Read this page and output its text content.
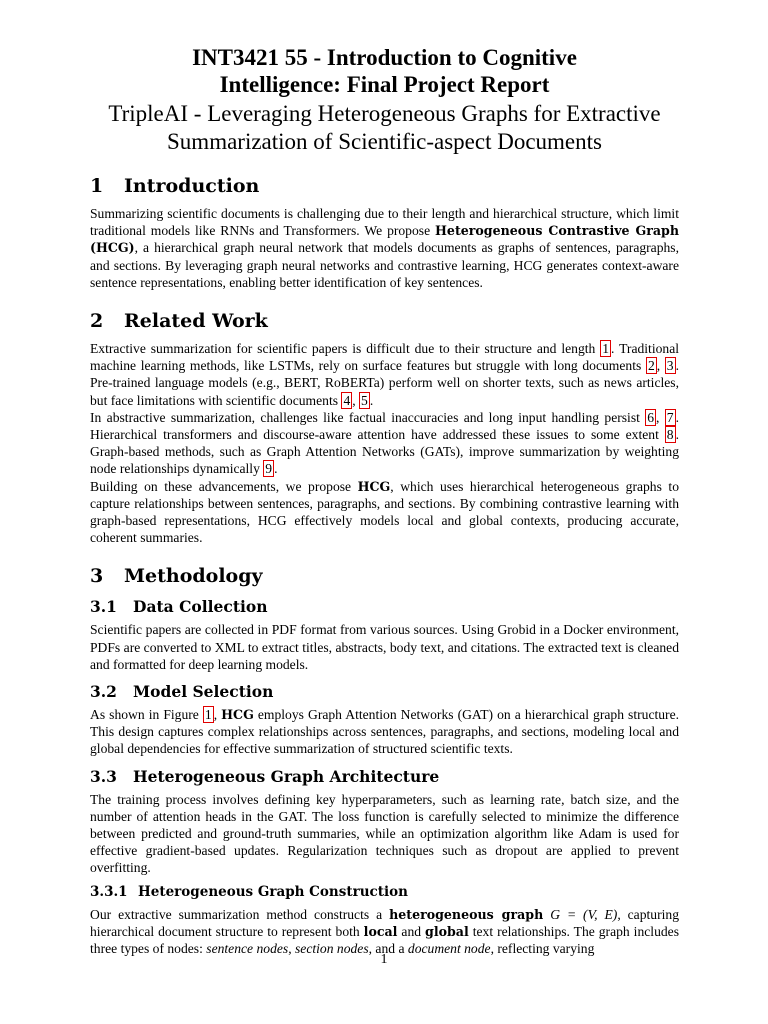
INT3421 55 - Introduction to Cognitive
Intelligence: Final Project Report

TripleAI - Leveraging Heterogeneous Graphs for Extractive
Summarization of Scientific-aspect Documents

1 Introduction

Summarizing scientific documents is challenging due to their length and hierarchical structure, which limit traditional models like RNNs and Transformers. We propose Heterogeneous Contrastive Graph (HCG), a hierarchical graph neural network that models documents as graphs of sentences, paragraphs, and sections. By leveraging graph neural networks and contrastive learning, HCG generates context-aware sentence representations, enabling better identification of key sentences.

2 Related Work

Extractive summarization for scientific papers is difficult due to their structure and length 1 . Traditional machine learning methods, like LSTMs, rely on surface features but struggle with long documents 2 , 3 . Pre-trained language models (e.g., BERT, RoBERTa) perform well on shorter texts, such as news articles, but face limitations with scientific documents 4 , 5 .

In abstractive summarization, challenges like factual inaccuracies and long input handling persist 6 , 7 . Hierarchical transformers and discourse-aware attention have addressed these issues to some extent 8 . Graph-based methods, such as Graph Attention Networks (GATs), improve summarization by weighting node relationships dynamically 9 .

Building on these advancements, we propose HCG, which uses hierarchical heterogeneous graphs to capture relationships between sentences, paragraphs, and sections. By combining contrastive learning with graph-based representations, HCG effectively models local and global contexts, producing accurate, coherent summaries.

3 Methodology
3.1 Data Collection

Scientific papers are collected in PDF format from various sources. Using Grobid in a Docker environment, PDFs are converted to XML to extract titles, abstracts, body text, and citations. The extracted text is cleaned and formatted for deep learning models.

3.2 Model Selection

As shown in Figure 1 , HCG employs Graph Attention Networks (GAT) on a hierarchical graph structure. This design captures complex relationships across sentences, paragraphs, and sections, modeling local and global dependencies for effective summarization of structured scientific texts.

3.3 Heterogeneous Graph Architecture

The training process involves defining key hyperparameters, such as learning rate, batch size, and the number of attention heads in the GAT. The loss function is carefully selected to minimize the difference between predicted and ground-truth summaries, while an optimization algorithm like Adam is used for effective gradient-based updates. Regularization techniques such as dropout are applied to prevent overfitting.

3.3.1 Heterogeneous Graph Construction

Our extractive summarization method constructs a heterogeneous graph G = (V, E), capturing hierarchical document structure to represent both local and global text relationships. The graph includes three types of nodes: sentence nodes, section nodes, and a document node, reflecting varying

1
